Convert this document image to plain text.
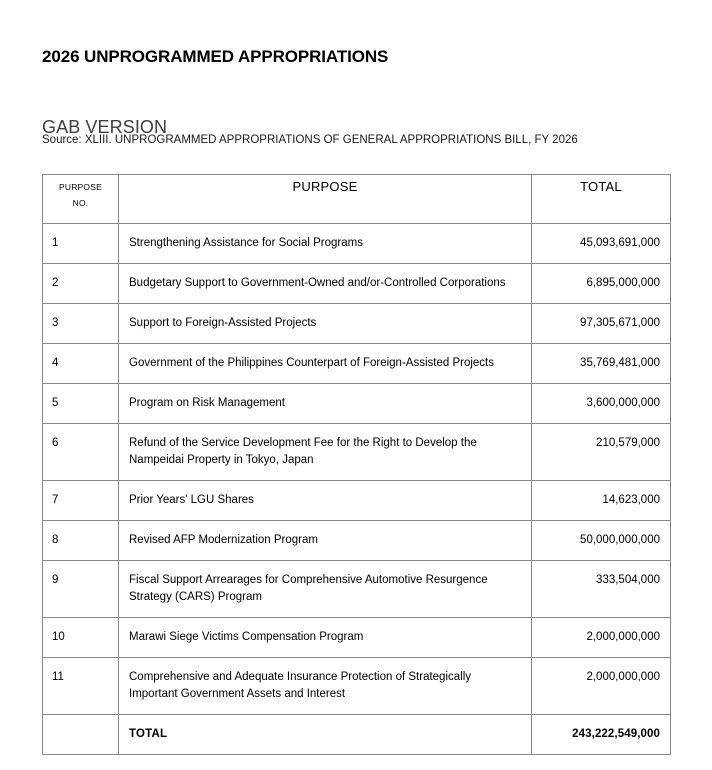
2026 UNPROGRAMMED APPROPRIATIONS
GAB VERSION
Source: XLIII. UNPROGRAMMED APPROPRIATIONS OF GENERAL APPROPRIATIONS BILL, FY 2026
PURPOSE
NO.	PURPOSE	TOTAL
1	Strengthening Assistance for Social Programs	45,093,691,000
2	Budgetary Support to Government-Owned and/or-Controlled Corporations	6,895,000,000
3	Support to Foreign-Assisted Projects	97,305,671,000
4	Government of the Philippines Counterpart of Foreign-Assisted Projects	35,769,481,000
5	Program on Risk Management	3,600,000,000
6	Refund of the Service Development Fee for the Right to Develop the Nampeidai Property in Tokyo, Japan	210,579,000
7	Prior Years' LGU Shares	14,623,000
8	Revised AFP Modernization Program	50,000,000,000
9	Fiscal Support Arrearages for Comprehensive Automotive Resurgence Strategy (CARS) Program	333,504,000
10	Marawi Siege Victims Compensation Program	2,000,000,000
11	Comprehensive and Adequate Insurance Protection of Strategically Important Government Assets and Interest	2,000,000,000
	TOTAL	243,222,549,000
